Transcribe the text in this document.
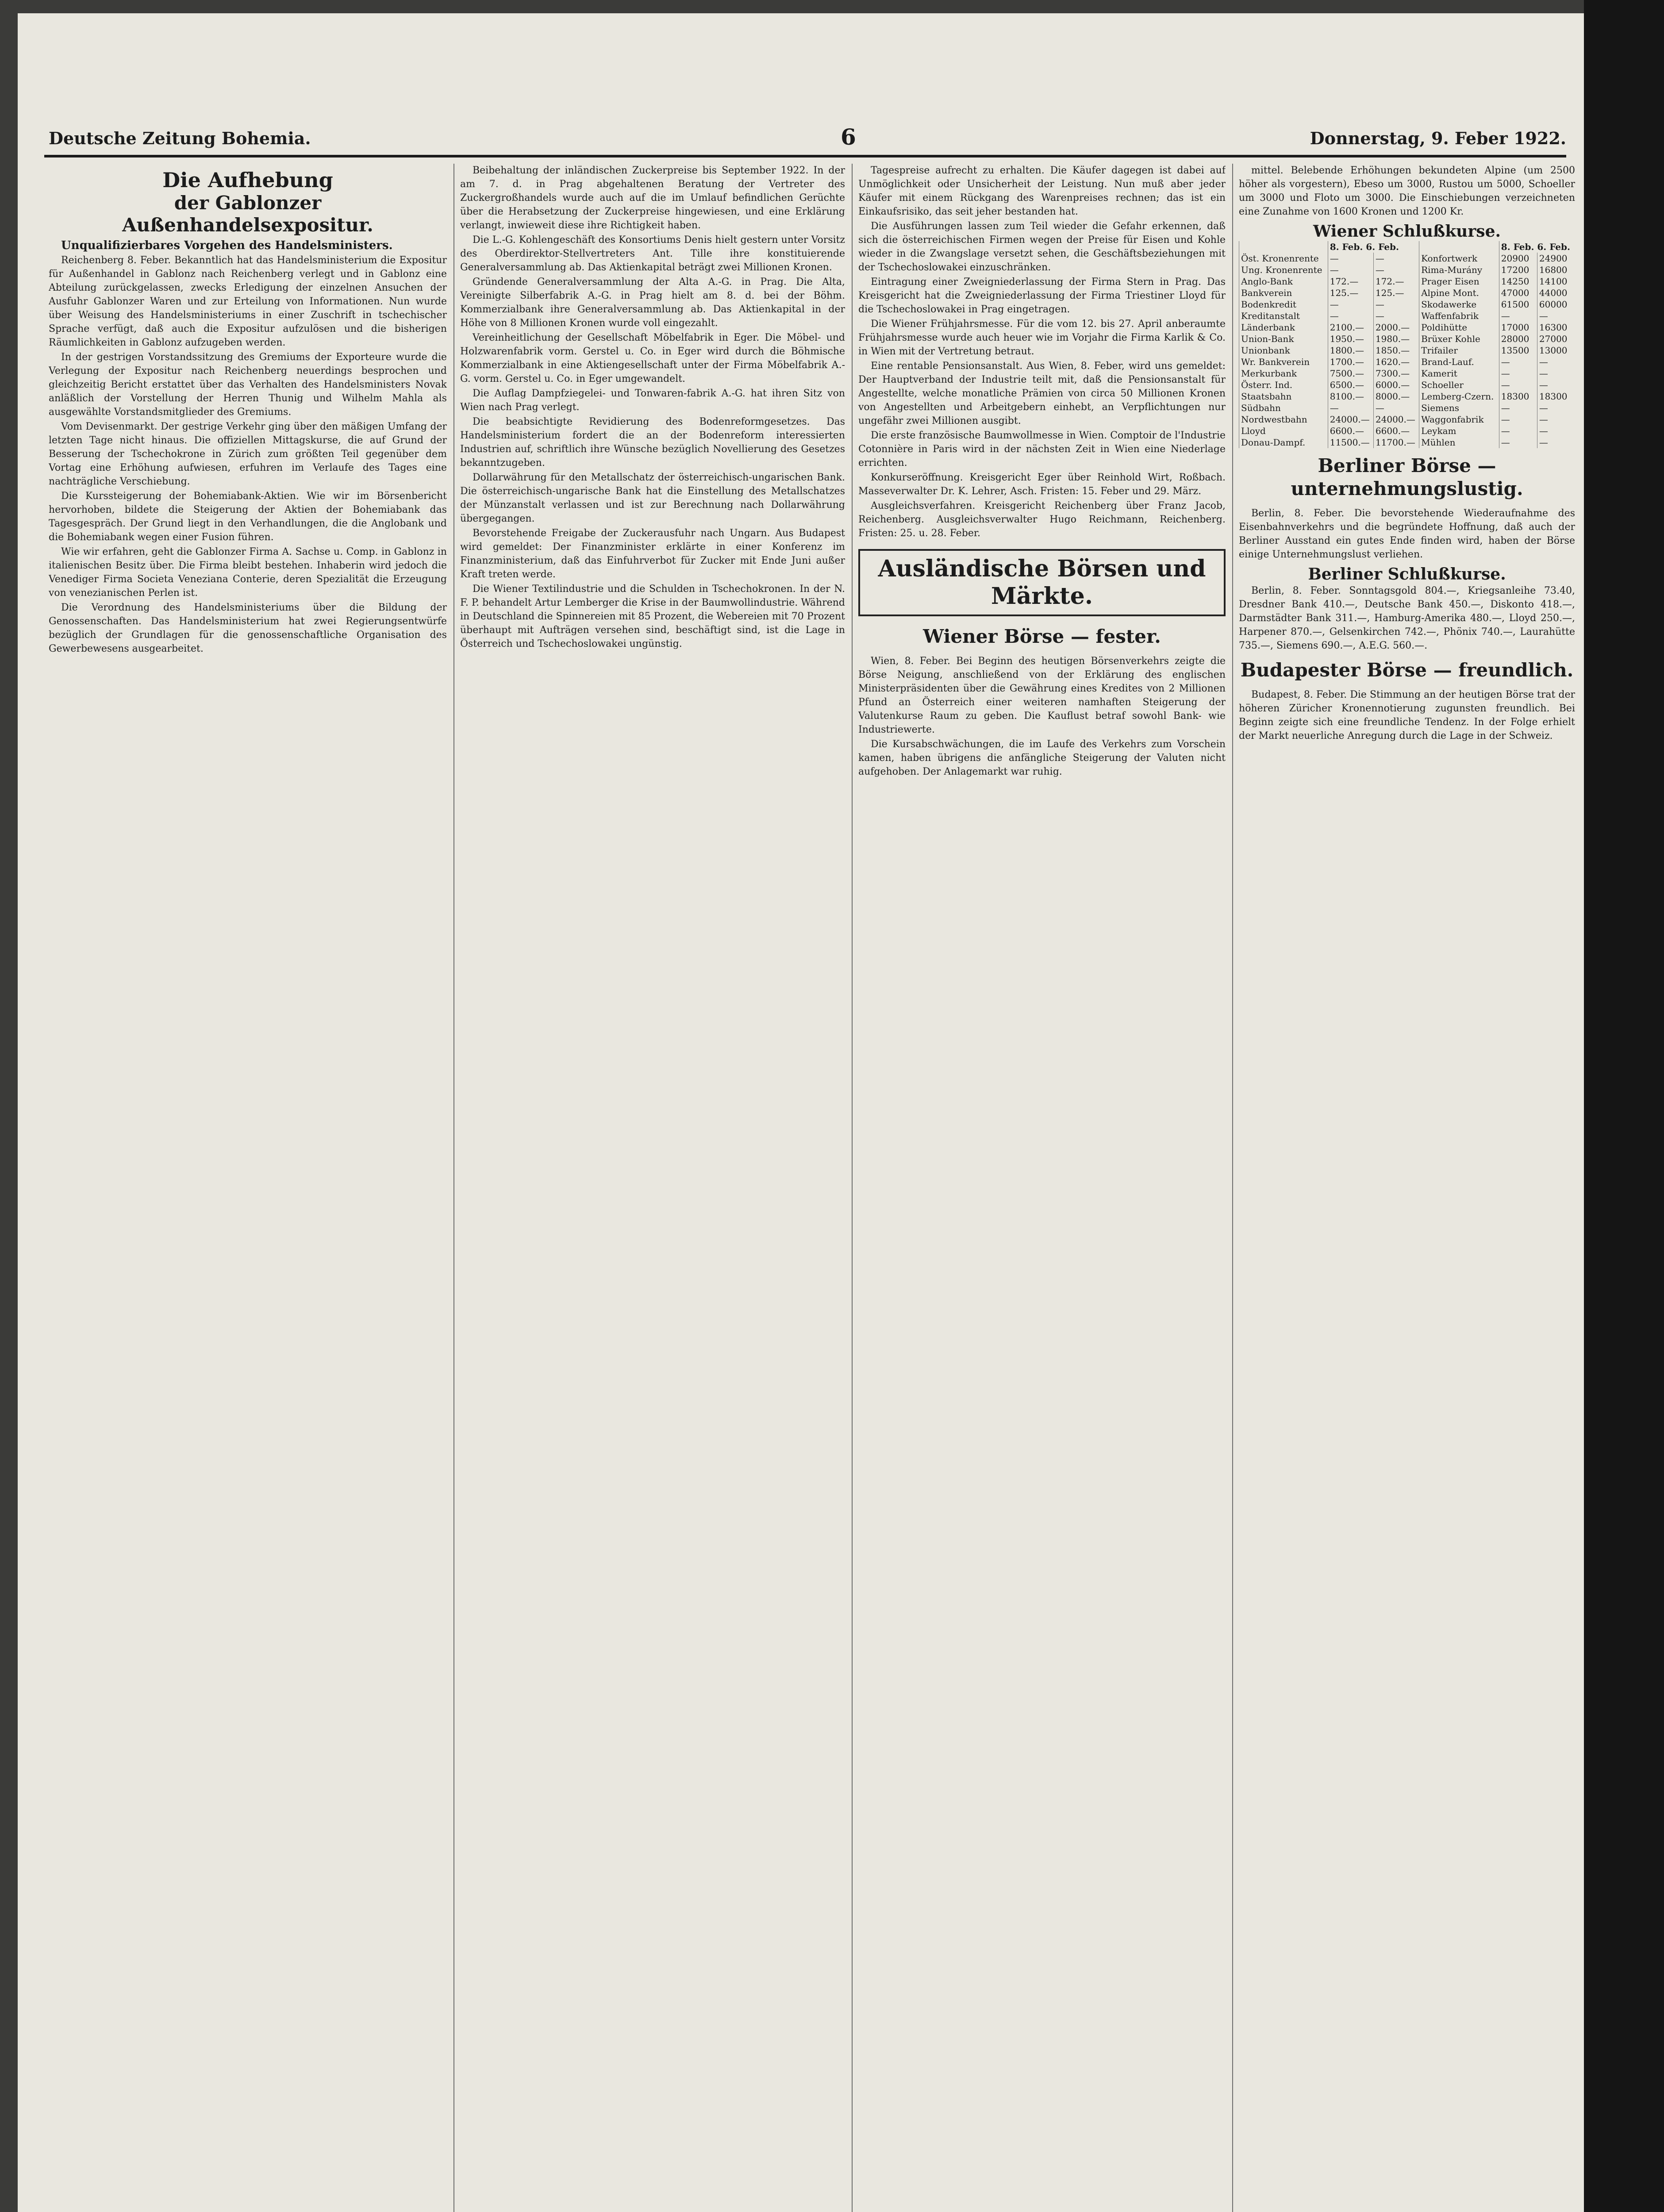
Deutsche Zeitung Bohemia.	6	Donnerstag, 9. Feber 1922.
Die Aufhebung
der Gablonzer Außenhandelsexpositur.

Unqualifizierbares Vorgehen des Handelsministers.

Reichenberg 8. Feber. Bekanntlich hat das Handelsministerium die Expositur für Außenhandel in Gablonz nach Reichenberg verlegt und in Gablonz eine Abteilung zurückgelassen, zwecks Erledigung der einzelnen Ansuchen der Ausfuhr Gablonzer Waren und zur Erteilung von Informationen. Nun wurde über Weisung des Handelsministeriums in einer Zuschrift in tschechischer Sprache verfügt, daß auch die Expositur aufzulösen und die bisherigen Räumlichkeiten in Gablonz aufzugeben werden.

In der gestrigen Vorstandssitzung des Gremiums der Exporteure wurde die Verlegung der Expositur nach Reichenberg neuerdings besprochen und gleichzeitig Bericht erstattet über das Verhalten des Handelsministers Novak anläßlich der Vorstellung der Herren Thunig und Wilhelm Mahla als ausgewählte Vorstandsmitglieder des Gremiums.

Vom Devisenmarkt. Der gestrige Verkehr ging über den mäßigen Umfang der letzten Tage nicht hinaus. Die offiziellen Mittagskurse, die auf Grund der Besserung der Tschechokrone in Zürich zum größten Teil gegenüber dem Vortag eine Erhöhung aufwiesen, erfuhren im Verlaufe des Tages eine nachträgliche Verschiebung.

Die Kurssteigerung der Bohemiabank-Aktien. Wie wir im Börsenbericht hervorhoben, bildete die Steigerung der Aktien der Bohemiabank das Tagesgespräch. Der Grund liegt in den Verhandlungen, die die Anglobank und die Bohemiabank wegen einer Fusion führen.

Wie wir erfahren, geht die Gablonzer Firma A. Sachse u. Comp. in Gablonz in italienischen Besitz über. Die Firma bleibt bestehen. Inhaberin wird jedoch die Venediger Firma Societa Veneziana Conterie, deren Spezialität die Erzeugung von venezianischen Perlen ist.

Die Verordnung des Handelsministeriums über die Bildung der Genossenschaften. Das Handelsministerium hat zwei Regierungsentwürfe bezüglich der Grundlagen für die genossenschaftliche Organisation des Gewerbewesens ausgearbeitet.

Beibehaltung der inländischen Zuckerpreise bis September 1922. In der am 7. d. in Prag abgehaltenen Beratung der Vertreter des Zuckergroßhandels wurde auch auf die im Umlauf befindlichen Gerüchte über die Herabsetzung der Zuckerpreise hingewiesen, und eine Erklärung verlangt, inwieweit diese ihre Richtigkeit haben.

Die L.-G. Kohlengeschäft des Konsortiums Denis hielt gestern unter Vorsitz des Oberdirektor-Stellvertreters Ant. Tille ihre konstituierende Generalversammlung ab. Das Aktienkapital beträgt zwei Millionen Kronen.

Gründende Generalversammlung der Alta A.-G. in Prag. Die Alta, Vereinigte Silberfabrik A.-G. in Prag hielt am 8. d. bei der Böhm. Kommerzialbank ihre Generalversammlung ab. Das Aktienkapital in der Höhe von 8 Millionen Kronen wurde voll eingezahlt.

Vereinheitlichung der Gesellschaft Möbelfabrik in Eger. Die Möbel- und Holzwarenfabrik vorm. Gerstel u. Co. in Eger wird durch die Böhmische Kommerzialbank in eine Aktiengesellschaft unter der Firma Möbelfabrik A.-G. vorm. Gerstel u. Co. in Eger umgewandelt.

Die Auflag Dampfziegelei- und Tonwaren-fabrik A.-G. hat ihren Sitz von Wien nach Prag verlegt.

Die beabsichtigte Revidierung des Bodenreformgesetzes. Das Handelsministerium fordert die an der Bodenreform interessierten Industrien auf, schriftlich ihre Wünsche bezüglich Novellierung des Gesetzes bekanntzugeben.

Dollarwährung für den Metallschatz der österreichisch-ungarischen Bank. Die österreichisch-ungarische Bank hat die Einstellung des Metallschatzes der Münzanstalt verlassen und ist zur Berechnung nach Dollarwährung übergegangen.

Bevorstehende Freigabe der Zuckerausfuhr nach Ungarn. Aus Budapest wird gemeldet: Der Finanzminister erklärte in einer Konferenz im Finanzministerium, daß das Einfuhrverbot für Zucker mit Ende Juni außer Kraft treten werde.

Die Wiener Textilindustrie und die Schulden in Tschechokronen. In der N. F. P. behandelt Artur Lemberger die Krise in der Baumwollindustrie. Während in Deutschland die Spinnereien mit 85 Prozent, die Webereien mit 70 Prozent überhaupt mit Aufträgen versehen sind, beschäftigt sind, ist die Lage in Österreich und Tschechoslowakei ungünstig.

Tagespreise aufrecht zu erhalten. Die Käufer dagegen ist dabei auf Unmöglichkeit oder Unsicherheit der Leistung. Nun muß aber jeder Käufer mit einem Rückgang des Warenpreises rechnen; das ist ein Einkaufsrisiko, das seit jeher bestanden hat.

Die Ausführungen lassen zum Teil wieder die Gefahr erkennen, daß sich die österreichischen Firmen wegen der Preise für Eisen und Kohle wieder in die Zwangslage versetzt sehen, die Geschäftsbeziehungen mit der Tschechoslowakei einzuschränken.

Eintragung einer Zweigniederlassung der Firma Stern in Prag. Das Kreisgericht hat die Zweigniederlassung der Firma Triestiner Lloyd für die Tschechoslowakei in Prag eingetragen.

Die Wiener Frühjahrsmesse. Für die vom 12. bis 27. April anberaumte Frühjahrsmesse wurde auch heuer wie im Vorjahr die Firma Karlik & Co. in Wien mit der Vertretung betraut.

Eine rentable Pensionsanstalt. Aus Wien, 8. Feber, wird uns gemeldet: Der Hauptverband der Industrie teilt mit, daß die Pensionsanstalt für Angestellte, welche monatliche Prämien von circa 50 Millionen Kronen von Angestellten und Arbeitgebern einhebt, an Verpflichtungen nur ungefähr zwei Millionen ausgibt.

Die erste französische Baumwollmesse in Wien. Comptoir de l'Industrie Cotonnière in Paris wird in der nächsten Zeit in Wien eine Niederlage errichten.

Konkurseröffnung. Kreisgericht Eger über Reinhold Wirt, Roßbach. Masseverwalter Dr. K. Lehrer, Asch. Fristen: 15. Feber und 29. März.

Ausgleichsverfahren. Kreisgericht Reichenberg über Franz Jacob, Reichenberg. Ausgleichsverwalter Hugo Reichmann, Reichenberg. Fristen: 25. u. 28. Feber.

Ausländische Börsen und Märkte.
Wiener Börse — fester.

Wien, 8. Feber. Bei Beginn des heutigen Börsenverkehrs zeigte die Börse Neigung, anschließend von der Erklärung des englischen Ministerpräsidenten über die Gewährung eines Kredites von 2 Millionen Pfund an Österreich einer weiteren namhaften Steigerung der Valutenkurse Raum zu geben. Die Kauflust betraf sowohl Bank- wie Industriewerte.

Die Kursabschwächungen, die im Laufe des Verkehrs zum Vorschein kamen, haben übrigens die anfängliche Steigerung der Valuten nicht aufgehoben. Der Anlagemarkt war ruhig.

mittel. Belebende Erhöhungen bekundeten Alpine (um 2500 höher als vorgestern), Ebeso um 3000, Rustou um 5000, Schoeller um 3000 und Floto um 3000. Die Einschiebungen verzeichneten eine Zunahme von 1600 Kronen und 1200 Kr.

Wiener Schlußkurse.
	8. Feb. 6. Feb.			8. Feb. 6. Feb.	
Öst. Kronenrente	—	—	Konfortwerk	20900	24900
Ung. Kronenrente	—	—	Rima-Murány	17200	16800
Anglo-Bank	172.—	172.—	Prager Eisen	14250	14100
Bankverein	125.—	125.—	Alpine Mont.	47000	44000
Bodenkredit	—	—	Skodawerke	61500	60000
Kreditanstalt	—	—	Waffenfabrik	—	—
Länderbank	2100.—	2000.—	Poldihütte	17000	16300
Union-Bank	1950.—	1980.—	Brüxer Kohle	28000	27000
Unionbank	1800.—	1850.—	Trifailer	13500	13000
Wr. Bankverein	1700.—	1620.—	Brand-Lauf.	—	—
Merkurbank	7500.—	7300.—	Kamerit	—	—
Österr. Ind.	6500.—	6000.—	Schoeller	—	—
Staatsbahn	8100.—	8000.—	Lemberg-Czern.	18300	18300
Südbahn	—	—	Siemens	—	—
Nordwestbahn	24000.—	24000.—	Waggonfabrik	—	—
Lloyd	6600.—	6600.—	Leykam	—	—
Donau-Dampf.	11500.—	11700.—	Mühlen	—	—
Berliner Börse — unternehmungslustig.

Berlin, 8. Feber. Die bevorstehende Wiederaufnahme des Eisenbahnverkehrs und die begründete Hoffnung, daß auch der Berliner Ausstand ein gutes Ende finden wird, haben der Börse einige Unternehmungslust verliehen.

Berliner Schlußkurse.

Berlin, 8. Feber. Sonntagsgold 804.—, Kriegsanleihe 73.40, Dresdner Bank 410.—, Deutsche Bank 450.—, Diskonto 418.—, Darmstädter Bank 311.—, Hamburg-Amerika 480.—, Lloyd 250.—, Harpener 870.—, Gelsenkirchen 742.—, Phönix 740.—, Laurahütte 735.—, Siemens 690.—, A.E.G. 560.—.

Budapester Börse — freundlich.

Budapest, 8. Feber. Die Stimmung an der heutigen Börse trat der höheren Züricher Kronennotierung zugunsten freundlich. Bei Beginn zeigte sich eine freundliche Tendenz. In der Folge erhielt der Markt neuerliche Anregung durch die Lage in der Schweiz.
